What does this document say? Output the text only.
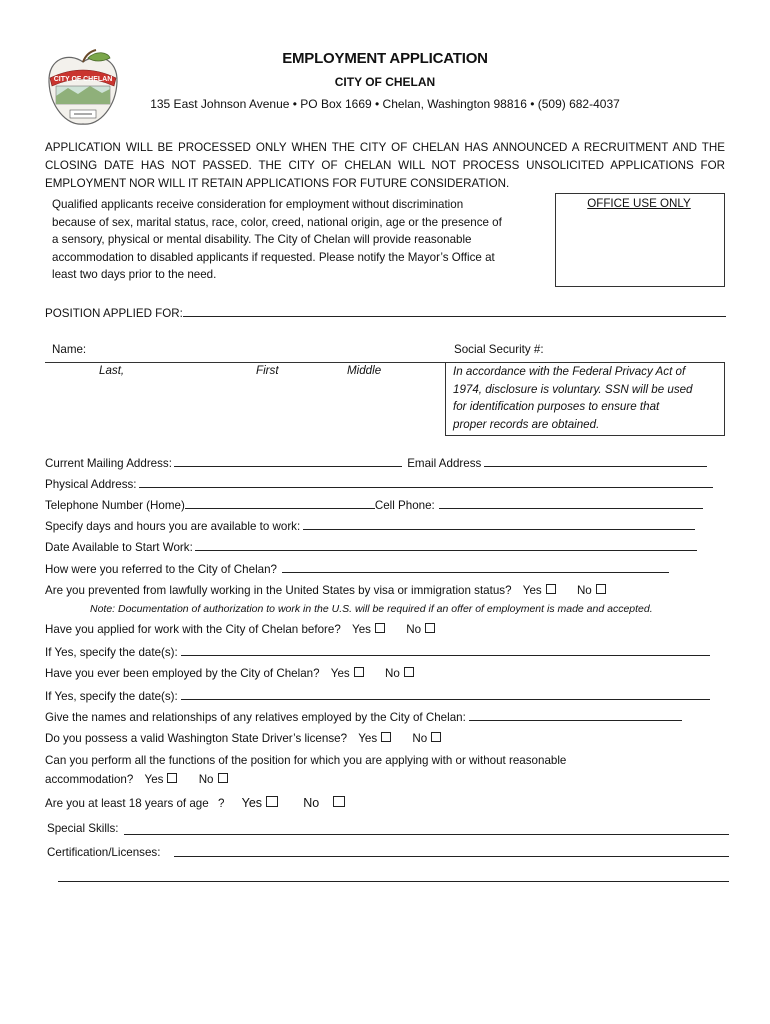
CITY OF CHELAN
EMPLOYMENT APPLICATION
CITY OF CHELAN
135 East Johnson Avenue • PO Box 1669 • Chelan, Washington 98816 • (509) 682-4037
APPLICATION WILL BE PROCESSED ONLY WHEN THE CITY OF CHELAN HAS ANNOUNCED A RECRUITMENT AND THE
CLOSING DATE HAS NOT PASSED. THE CITY OF CHELAN WILL NOT PROCESS UNSOLICITED APPLICATIONS FOR
EMPLOYMENT NOR WILL IT RETAIN APPLICATIONS FOR FUTURE CONSIDERATION.
Qualified applicants receive consideration for employment without discrimination
because of sex, marital status, race, color, creed, national origin, age or the presence of
a sensory, physical or mental disability. The City of Chelan will provide reasonable
accommodation to disabled applicants if requested. Please notify the Mayor’s Office at
least two days prior to the need.
OFFICE USE ONLY
POSITION APPLIED FOR:
Name:	Social Security #:
Last,	First	Middle	In accordance with the Federal Privacy Act of
1974, disclosure is voluntary. SSN will be used
for identification purposes to ensure that
proper records are obtained.
Current Mailing Address:	Email Address
Physical Address:
Telephone Number (Home)	Cell Phone:
Specify days and hours you are available to work:
Date Available to Start Work:
How were you referred to the City of Chelan?
Are you prevented from lawfully working in the United States by visa or immigration status? Yes	No
Note: Documentation of authorization to work in the U.S. will be required if an offer of employment is made and accepted.
Have you applied for work with the City of Chelan before? Yes	No
If Yes, specify the date(s):
Have you ever been employed by the City of Chelan? Yes	No
If Yes, specify the date(s):
Give the names and relationships of any relatives employed by the City of Chelan:
Do you possess a valid Washington State Driver’s license? Yes	No
Can you perform all the functions of the position for which you are applying with or without reasonable
accommodation? Yes	No
Are you at least 18 years of age ? Yes	No
Special Skills:
Certification/Licenses:
